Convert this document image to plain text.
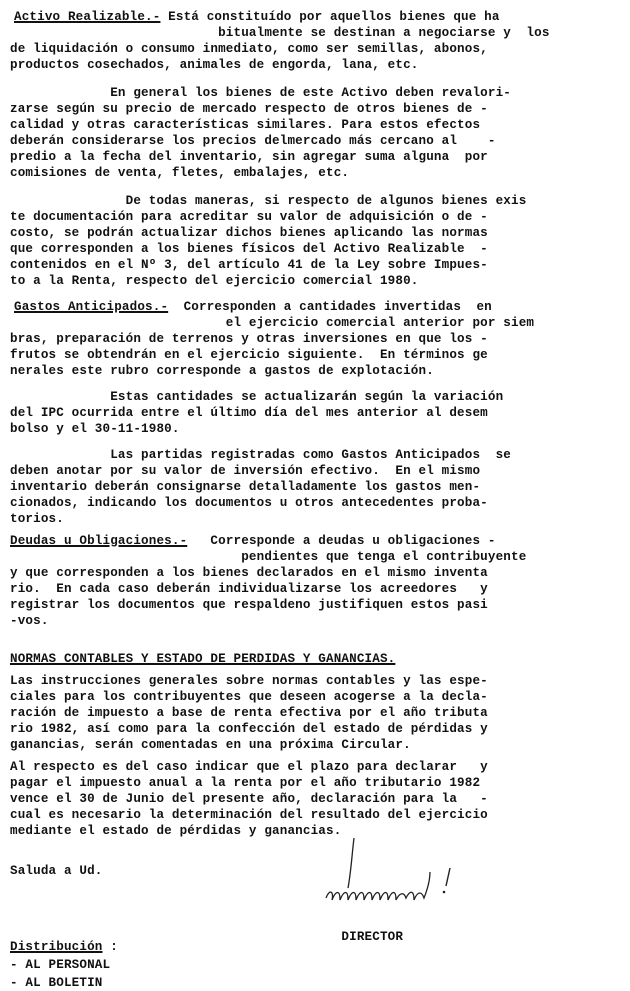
Activo Realizable.- Está constituído por aquellos bienes que ha
bitualmente se destinan a negociarse y  los
de liquidación o consumo inmediato, como ser semillas, abonos,
productos cosechados, animales de engorda, lana, etc.
En general los bienes de este Activo deben revalori-
zarse según su precio de mercado respecto de otros bienes de -
calidad y otras características similares. Para estos efectos
deberán considerarse los precios delmercado más cercano al    -
predio a la fecha del inventario, sin agregar suma alguna  por
comisiones de venta, fletes, embalajes, etc.
De todas maneras, si respecto de algunos bienes exis
te documentación para acreditar su valor de adquisición o de -
costo, se podrán actualizar dichos bienes aplicando las normas
que corresponden a los bienes físicos del Activo Realizable  -
contenidos en el Nº 3, del artículo 41 de la Ley sobre Impues-
to a la Renta, respecto del ejercicio comercial 1980.
Gastos Anticipados.-  Corresponden a cantidades invertidas  en
el ejercicio comercial anterior por siem
bras, preparación de terrenos y otras inversiones en que los -
frutos se obtendrán en el ejercicio siguiente.  En términos ge
nerales este rubro corresponde a gastos de explotación.
Estas cantidades se actualizarán según la variación
del IPC ocurrida entre el último día del mes anterior al desem
bolso y el 30-11-1980.
Las partidas registradas como Gastos Anticipados  se
deben anotar por su valor de inversión efectivo.  En el mismo
inventario deberán consignarse detalladamente los gastos men-
cionados, indicando los documentos u otros antecedentes proba-
torios.
Deudas u Obligaciones.-   Corresponde a deudas u obligaciones -
pendientes que tenga el contribuyente
y que corresponden a los bienes declarados en el mismo inventa
rio.  En cada caso deberán individualizarse los acreedores   y
registrar los documentos que respaldeno justifiquen estos pasi
-vos.
NORMAS CONTABLES Y ESTADO DE PERDIDAS Y GANANCIAS.
Las instrucciones generales sobre normas contables y las espe-
ciales para los contribuyentes que deseen acogerse a la decla-
ración de impuesto a base de renta efectiva por el año tributa
rio 1982, así como para la confección del estado de pérdidas y
ganancias, serán comentadas en una próxima Circular.
Al respecto es del caso indicar que el plazo para declarar   y
pagar el impuesto anual a la renta por el año tributario 1982
vence el 30 de Junio del presente año, declaración para la   -
cual es necesario la determinación del resultado del ejercicio
mediante el estado de pérdidas y ganancias.
Saluda a Ud.
DIRECTOR
Distribución :
- AL PERSONAL
- AL BOLETIN
